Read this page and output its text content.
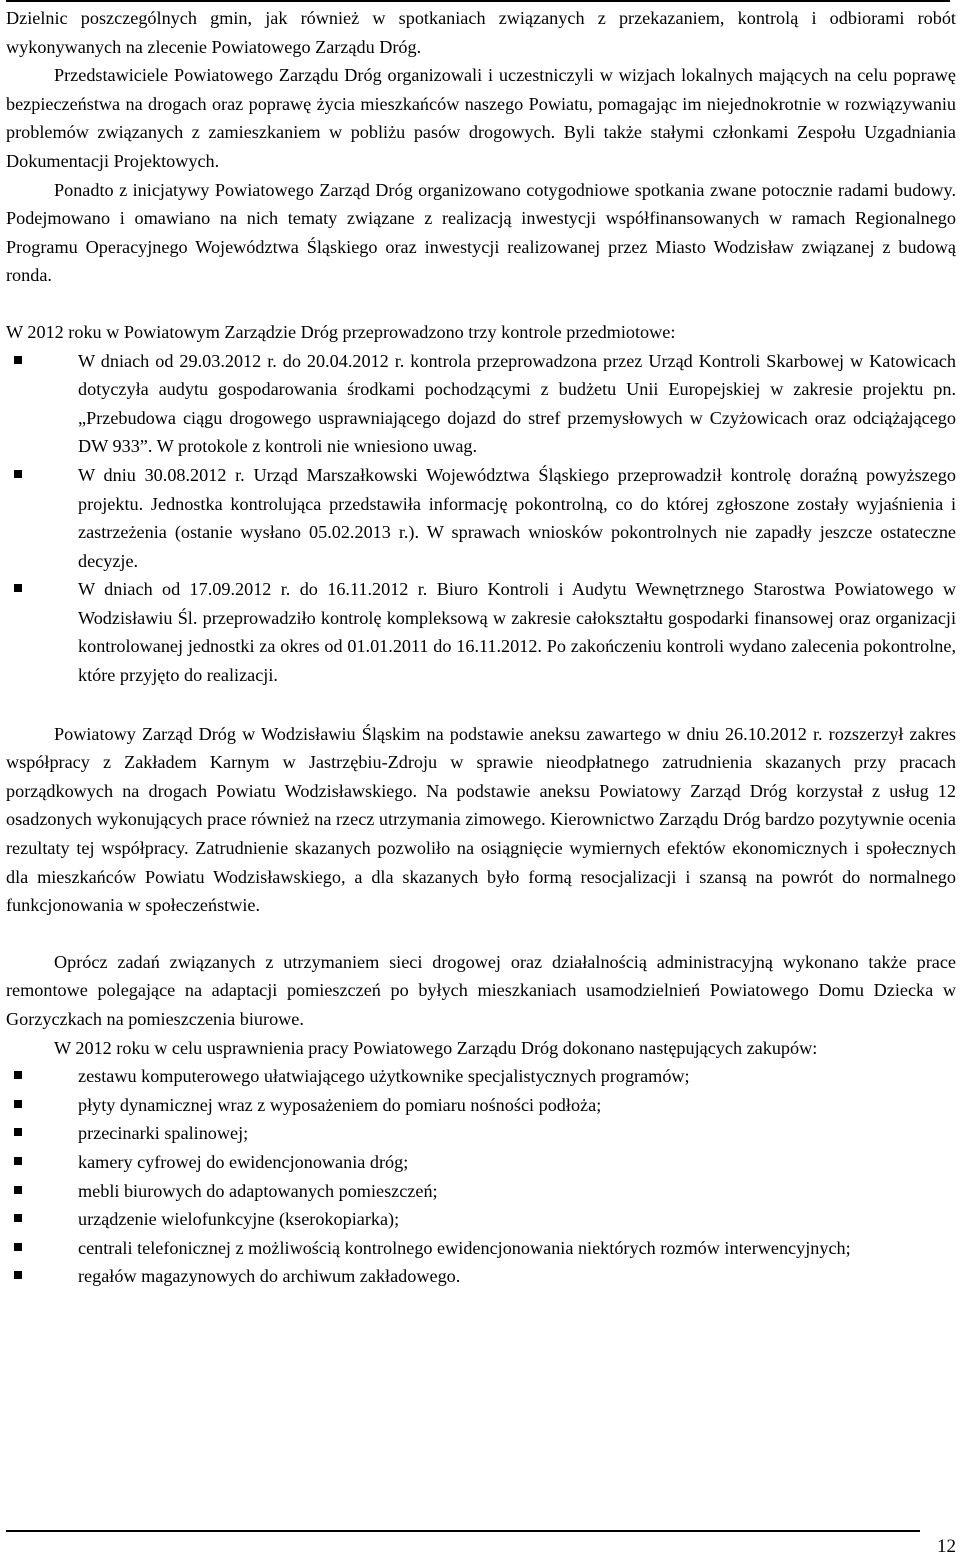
Dzielnic poszczególnych gmin, jak również w spotkaniach związanych z przekazaniem, kontrolą i odbiorami robót wykonywanych na zlecenie Powiatowego Zarządu Dróg.

Przedstawiciele Powiatowego Zarządu Dróg organizowali i uczestniczyli w wizjach lokalnych mających na celu poprawę bezpieczeństwa na drogach oraz poprawę życia mieszkańców naszego Powiatu, pomagając im niejednokrotnie w rozwiązywaniu problemów związanych z zamieszkaniem w pobliżu pasów drogowych. Byli także stałymi członkami Zespołu Uzgadniania Dokumentacji Projektowych.

Ponadto z inicjatywy Powiatowego Zarząd Dróg organizowano cotygodniowe spotkania zwane potocznie radami budowy. Podejmowano i omawiano na nich tematy związane z realizacją inwestycji współfinansowanych w ramach Regionalnego Programu Operacyjnego Województwa Śląskiego oraz inwestycji realizowanej przez Miasto Wodzisław związanej z budową ronda.

W 2012 roku w Powiatowym Zarządzie Dróg przeprowadzono trzy kontrole przedmiotowe:

W dniach od 29.03.2012 r. do 20.04.2012 r. kontrola przeprowadzona przez Urząd Kontroli Skarbowej w Katowicach dotyczyła audytu gospodarowania środkami pochodzącymi z budżetu Unii Europejskiej w zakresie projektu pn. „Przebudowa ciągu drogowego usprawniającego dojazd do stref przemysłowych w Czyżowicach oraz odciążającego DW 933”. W protokole z kontroli nie wniesiono uwag.
W dniu 30.08.2012 r. Urząd Marszałkowski Województwa Śląskiego przeprowadził kontrolę doraźną powyższego projektu. Jednostka kontrolująca przedstawiła informację pokontrolną, co do której zgłoszone zostały wyjaśnienia i zastrzeżenia (ostanie wysłano 05.02.2013 r.). W sprawach wniosków pokontrolnych nie zapadły jeszcze ostateczne decyzje.
W dniach od 17.09.2012 r. do 16.11.2012 r. Biuro Kontroli i Audytu Wewnętrznego Starostwa Powiatowego w Wodzisławiu Śl. przeprowadziło kontrolę kompleksową w zakresie całokształtu gospodarki finansowej oraz organizacji kontrolowanej jednostki za okres od 01.01.2011 do 16.11.2012. Po zakończeniu kontroli wydano zalecenia pokontrolne, które przyjęto do realizacji.

Powiatowy Zarząd Dróg w Wodzisławiu Śląskim na podstawie aneksu zawartego w dniu 26.10.2012 r. rozszerzył zakres współpracy z Zakładem Karnym w Jastrzębiu-Zdroju w sprawie nieodpłatnego zatrudnienia skazanych przy pracach porządkowych na drogach Powiatu Wodzisławskiego. Na podstawie aneksu Powiatowy Zarząd Dróg korzystał z usług 12 osadzonych wykonujących prace również na rzecz utrzymania zimowego. Kierownictwo Zarządu Dróg bardzo pozytywnie ocenia rezultaty tej współpracy. Zatrudnienie skazanych pozwoliło na osiągnięcie wymiernych efektów ekonomicznych i społecznych dla mieszkańców Powiatu Wodzisławskiego, a dla skazanych było formą resocjalizacji i szansą na powrót do normalnego funkcjonowania w społeczeństwie.

Oprócz zadań związanych z utrzymaniem sieci drogowej oraz działalnością administracyjną wykonano także prace remontowe polegające na adaptacji pomieszczeń po byłych mieszkaniach usamodzielnień Powiatowego Domu Dziecka w Gorzyczkach na pomieszczenia biurowe.

W 2012 roku w celu usprawnienia pracy Powiatowego Zarządu Dróg dokonano następujących zakupów:

zestawu komputerowego ułatwiającego użytkownike specjalistycznych programów;
płyty dynamicznej wraz z wyposażeniem do pomiaru nośności podłoża;
przecinarki spalinowej;
kamery cyfrowej do ewidencjonowania dróg;
mebli biurowych do adaptowanych pomieszczeń;
urządzenie wielofunkcyjne (kserokopiarka);
centrali telefonicznej z możliwością kontrolnego ewidencjonowania niektórych rozmów interwencyjnych;
regałów magazynowych do archiwum zakładowego.
12
